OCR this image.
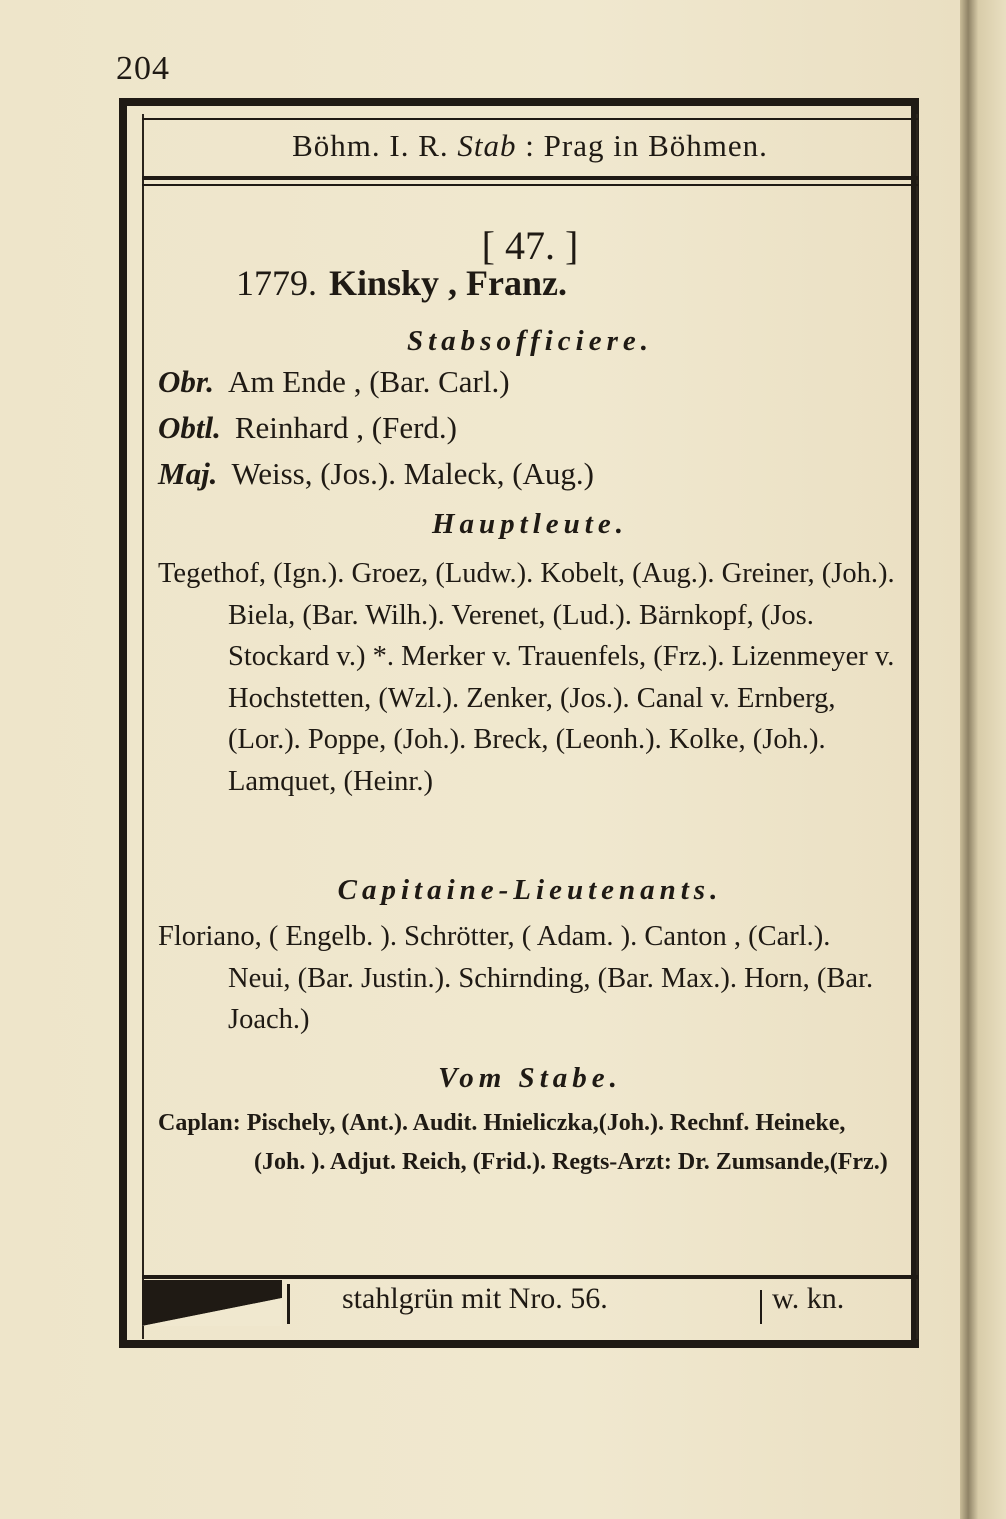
204
Böhm. I. R. Stab : Prag in Böhmen.
[ 47. ]
1779. Kinsky , Franz.
Stabsofficiere.
Obr. Am Ende , (Bar. Carl.)
Obtl. Reinhard , (Ferd.)
Maj. Weiss, (Jos.). Maleck, (Aug.)
Hauptleute.
Tegethof, (Ign.). Groez, (Ludw.). Kobelt, (Aug.). Greiner, (Joh.). Biela, (Bar. Wilh.). Verenet, (Lud.). Bärnkopf, (Jos. Stockard v.) *. Merker v. Trauenfels, (Frz.). Lizenmeyer v. Hochstetten, (Wzl.). Zenker, (Jos.). Canal v. Ernberg, (Lor.). Poppe, (Joh.). Breck, (Leonh.). Kolke, (Joh.). Lamquet, (Heinr.)
Capitaine-Lieutenants.
Floriano, ( Engelb. ). Schrötter, ( Adam. ). Canton , (Carl.). Neui, (Bar. Justin.). Schirnding, (Bar. Max.). Horn, (Bar. Joach.)
Vom Stabe.
Caplan: Pischely, (Ant.). Audit. Hnieliczka,(Joh.). Rechnf. Heineke, (Joh. ). Adjut. Reich, (Frid.). Regts-Arzt: Dr. Zumsande,(Frz.)
stahlgrün mit Nro. 56.	w. kn.
